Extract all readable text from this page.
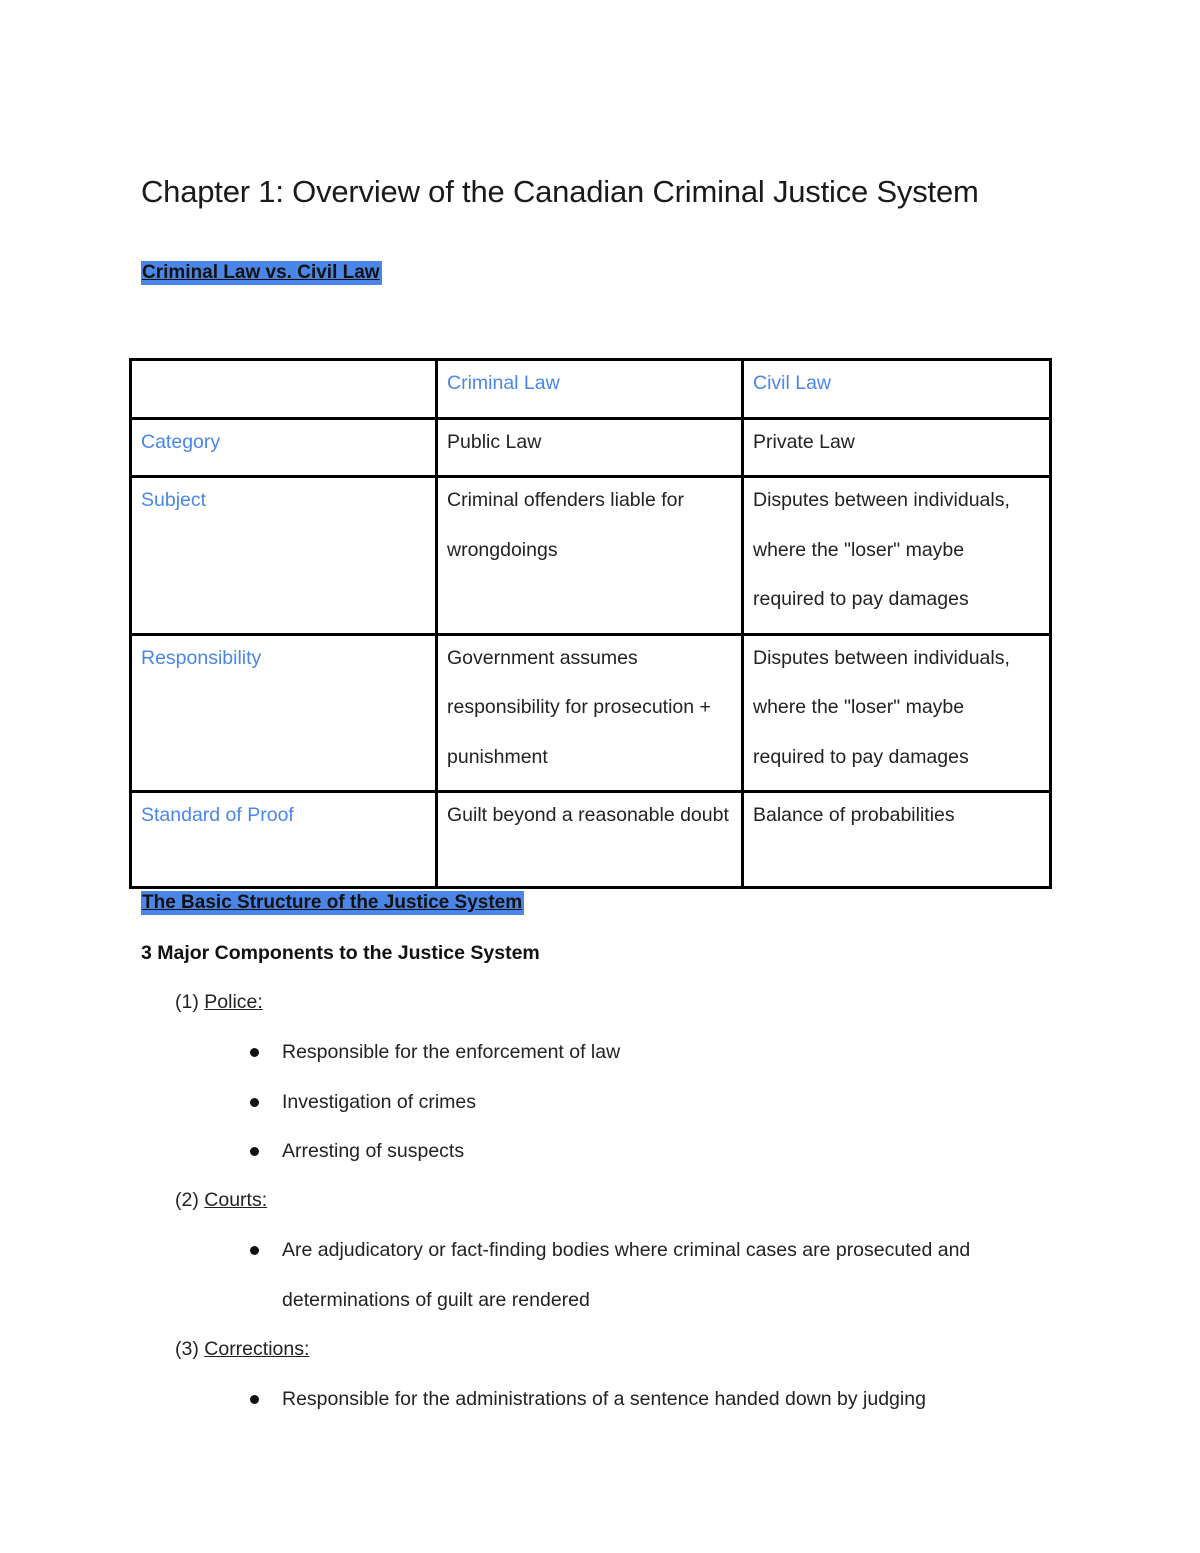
Chapter 1: Overview of the Canadian Criminal Justice System
Criminal Law vs. Civil Law

	Criminal Law	Civil Law

Category	Public Law	Private Law

Subject	Criminal offenders liable for wrongdoings	Disputes between individuals, where the "loser" maybe required to pay damages

Responsibility	Government assumes responsibility for prosecution + punishment	Disputes between individuals, where the "loser" maybe required to pay damages

Standard of Proof	Guilt beyond a reasonable doubt	Balance of probabilities
The Basic Structure of the Justice System
3 Major Components to the Justice System
(1) Police:
Responsible for the enforcement of law
Investigation of crimes
Arresting of suspects
(2) Courts:
Are adjudicatory or fact-finding bodies where criminal cases are prosecuted and determinations of guilt are rendered
(3) Corrections:
Responsible for the administrations of a sentence handed down by judging
